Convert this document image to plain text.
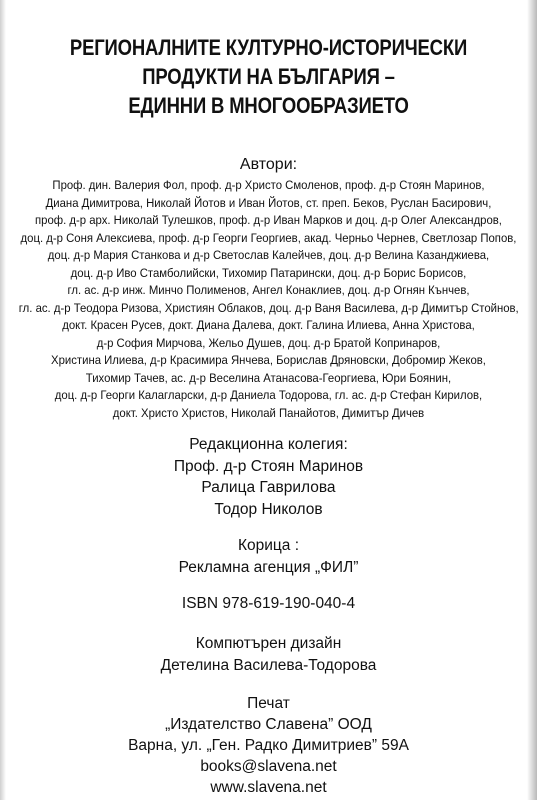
РЕГИОНАЛНИТЕ КУЛТУРНО-ИСТОРИЧЕСКИ
ПРОДУКТИ НА БЪЛГАРИЯ –
ЕДИННИ В МНОГООБРАЗИЕТО
Автори:
Проф. дин. Валерия Фол, проф. д-р Христо Смоленов, проф. д-р Стоян Маринов,
Диана Димитрова, Николай Йотов и Иван Йотов, ст. преп. Беков, Руслан Басирович,
проф. д-р арх. Николай Тулешков, проф. д-р Иван Марков и доц. д-р Олег Александров,
доц. д-р Соня Алексиева, проф. д-р Георги Георгиев, акад. Черньо Чернев, Светлозар Попов,
доц. д-р Мария Станкова и д-р Светослав Калейчев, доц. д-р Велина Казанджиева,
доц. д-р Иво Стамболийски, Тихомир Патарински, доц. д-р Борис Борисов,
гл. ас. д-р инж. Минчо Полименов, Ангел Конаклиев, доц. д-р Огнян Кънчев,
гл. ас. д-р Теодора Ризова, Християн Облаков, доц. д-р Ваня Василева, д-р Димитър Стойнов,
докт. Красен Русев, докт. Диана Далева, докт. Галина Илиева, Анна Христова,
д-р София Мирчова, Жельо Душев, доц. д-р Братой Копринаров,
Христина Илиева, д-р Красимира Янчева, Борислав Дряновски, Добромир Жеков,
Тихомир Тачев, ас. д-р Веселина Атанасова-Георгиева, Юри Боянин,
доц. д-р Георги Калагларски, д-р Даниела Тодорова, гл. ас. д-р Стефан Кирилов,
докт. Христо Христов, Николай Панайотов, Димитър Дичев
Редакционна колегия:
Проф. д-р Стоян Маринов
Ралица Гаврилова
Тодор Николов
Корица :
Рекламна агенция „ФИЛ”
ISBN 978-619-190-040-4
Компютърен дизайн
Детелина Василева-Тодорова
Печат
„Издателство Славена” ООД
Варна, ул. „Ген. Радко Димитриев” 59А
books@slavena.net
www.slavena.net
